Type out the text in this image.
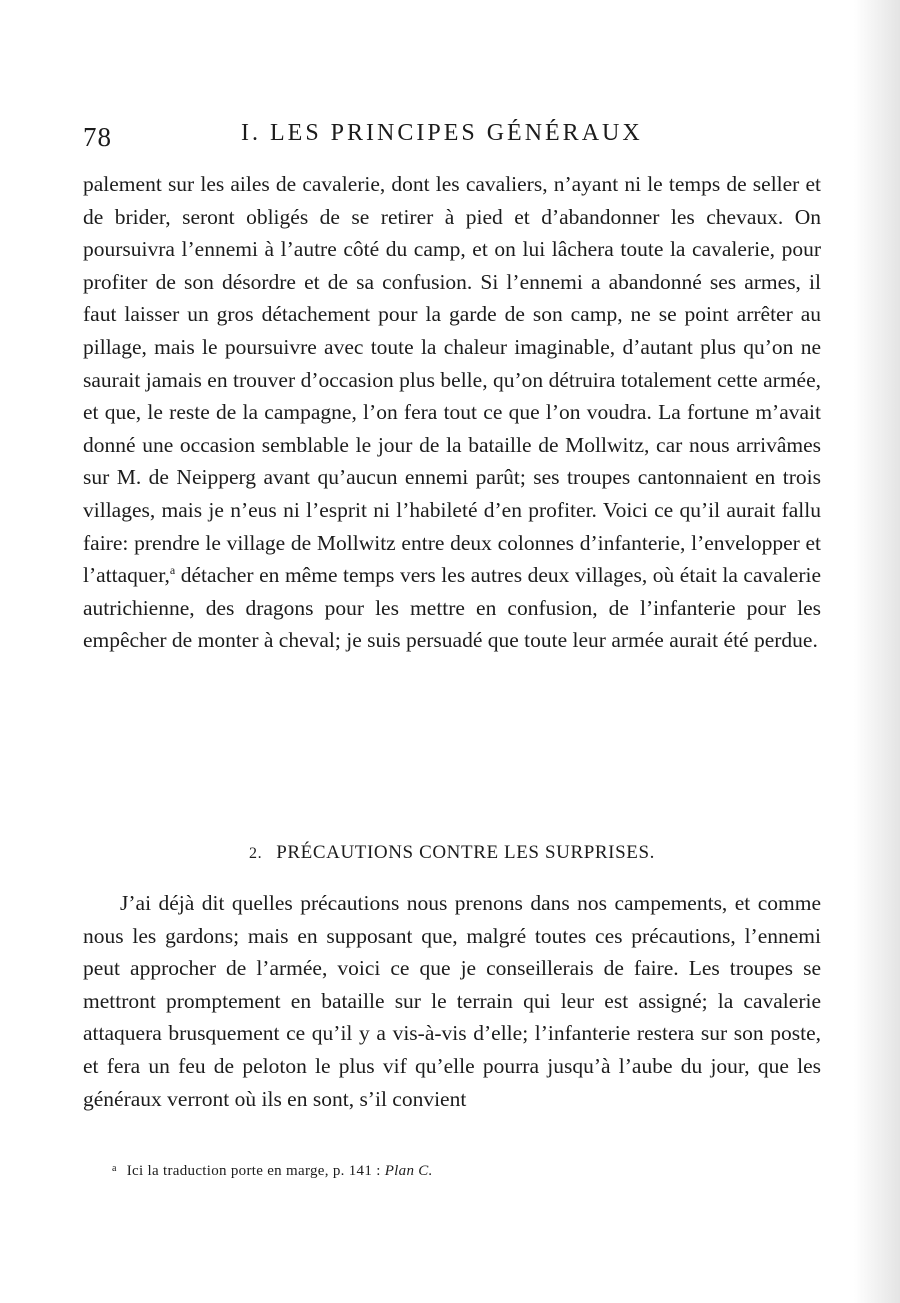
78	I. LES PRINCIPES GÉNÉRAUX
palement sur les ailes de cavalerie, dont les cavaliers, n’ayant ni le temps de seller et de brider, seront obligés de se retirer à pied et d’abandonner les chevaux. On poursuivra l’ennemi à l’autre côté du camp, et on lui lâchera toute la cavalerie, pour profiter de son désordre et de sa confusion. Si l’ennemi a abandonné ses armes, il faut laisser un gros détachement pour la garde de son camp, ne se point arrêter au pillage, mais le poursuivre avec toute la chaleur imaginable, d’autant plus qu’on ne saurait jamais en trouver d’occasion plus belle, qu’on détruira totalement cette armée, et que, le reste de la campagne, l’on fera tout ce que l’on voudra. La fortune m’avait donné une occasion semblable le jour de la bataille de Mollwitz, car nous arrivâmes sur M. de Neipperg avant qu’aucun ennemi parût; ses troupes cantonnaient en trois villages, mais je n’eus ni l’esprit ni l’habileté d’en profiter. Voici ce qu’il aurait fallu faire: prendre le village de Mollwitz entre deux colonnes d’infanterie, l’envelopper et l’attaquer,$^a$ détacher en même temps vers les autres deux villages, où était la cavalerie autrichienne, des dragons pour les mettre en confusion, de l’infanterie pour les empêcher de monter à cheval; je suis persuadé que toute leur armée aurait été perdue.
2. PRÉCAUTIONS CONTRE LES SURPRISES.
J’ai déjà dit quelles précautions nous prenons dans nos campements, et comme nous les gardons; mais en supposant que, malgré toutes ces précautions, l’ennemi peut approcher de l’armée, voici ce que je conseillerais de faire. Les troupes se mettront promptement en bataille sur le terrain qui leur est assigné; la cavalerie attaquera brusquement ce qu’il y a vis-à-vis d’elle; l’infanterie restera sur son poste, et fera un feu de peloton le plus vif qu’elle pourra jusqu’à l’aube du jour, que les généraux verront où ils en sont, s’il convient
$^a$ Ici la traduction porte en marge, p. 141 : Plan C.
